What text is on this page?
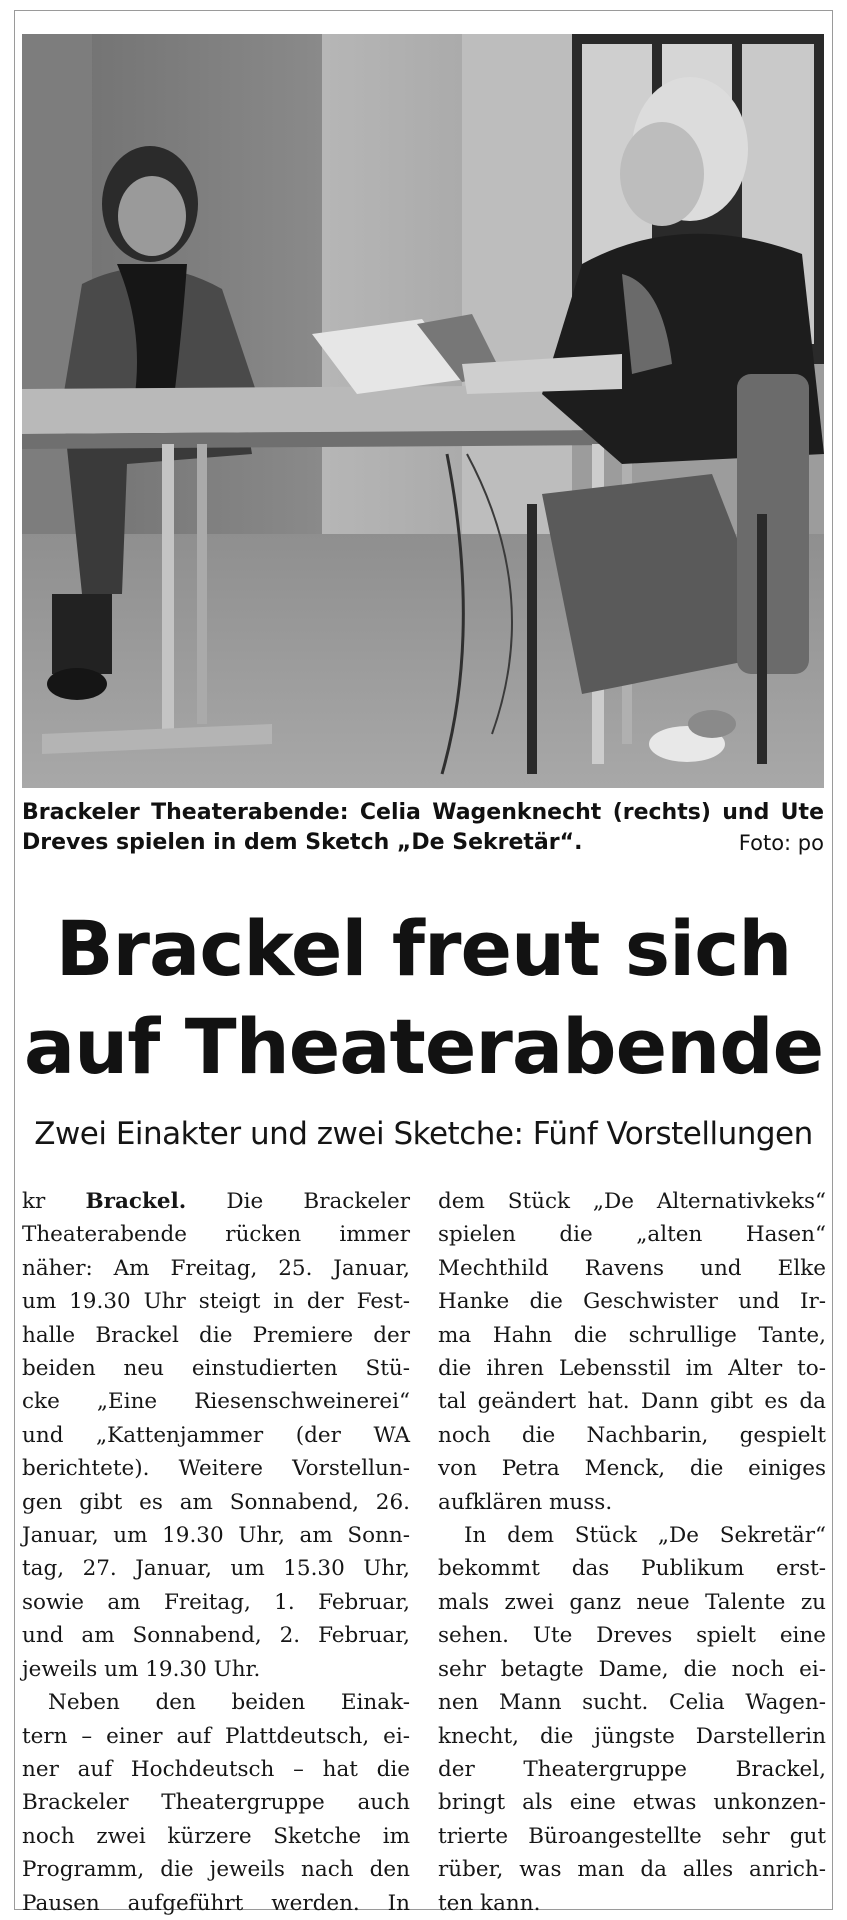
Brackeler Theaterabende: Celia Wagenknecht (rechts) und Ute
Dreves spielen in dem Sketch „De Sekretär“.	Foto: po
Brackel freut sich
auf Theaterabende
Zwei Einakter und zwei Sketche: Fünf Vorstellungen
kr Brackel. Die Brackeler
Theaterabende rücken immer
näher: Am Freitag, 25. Januar,
um 19.30 Uhr steigt in der Fest-
halle Brackel die Premiere der
beiden neu einstudierten Stü-
cke „Eine Riesenschweinerei“
und „Kattenjammer (der WA
berichtete). Weitere Vorstellun-
gen gibt es am Sonnabend, 26.
Januar, um 19.30 Uhr, am Sonn-
tag, 27. Januar, um 15.30 Uhr,
sowie am Freitag, 1. Februar,
und am Sonnabend, 2. Februar,
jeweils um 19.30 Uhr.
Neben den beiden Einak-
tern – einer auf Plattdeutsch, ei-
ner auf Hochdeutsch – hat die
Brackeler Theatergruppe auch
noch zwei kürzere Sketche im
Programm, die jeweils nach den
Pausen aufgeführt werden. In
dem Stück „De Alternativkeks“
spielen die „alten Hasen“
Mechthild Ravens und Elke
Hanke die Geschwister und Ir-
ma Hahn die schrullige Tante,
die ihren Lebensstil im Alter to-
tal geändert hat. Dann gibt es da
noch die Nachbarin, gespielt
von Petra Menck, die einiges
aufklären muss.
In dem Stück „De Sekretär“
bekommt das Publikum erst-
mals zwei ganz neue Talente zu
sehen. Ute Dreves spielt eine
sehr betagte Dame, die noch ei-
nen Mann sucht. Celia Wagen-
knecht, die jüngste Darstellerin
der Theatergruppe Brackel,
bringt als eine etwas unkonzen-
trierte Büroangestellte sehr gut
rüber, was man da alles anrich-
ten kann.
